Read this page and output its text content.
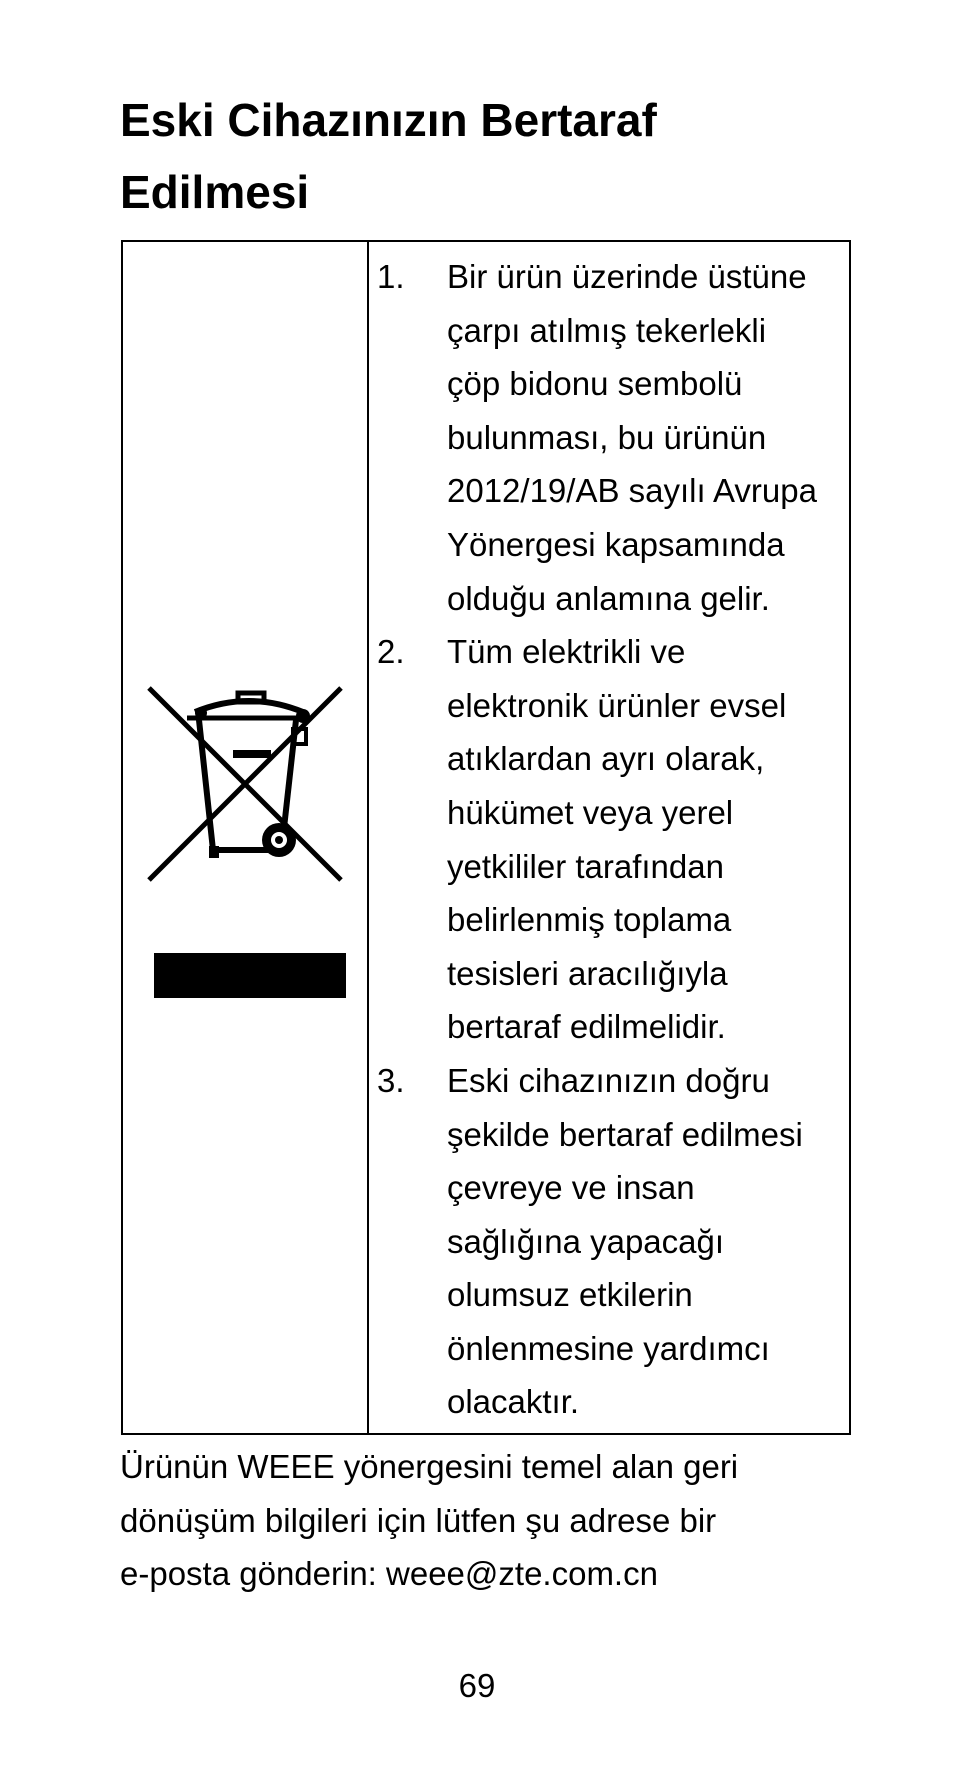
Eski Cihazınızın Bertaraf
Edilmesi
1.	Bir ürün üzerinde üstüne
çarpı atılmış tekerlekli
çöp bidonu sembolü
bulunması, bu ürünün
2012/19/AB sayılı Avrupa
Yönergesi kapsamında
olduğu anlamına gelir.
2.	Tüm elektrikli ve
elektronik ürünler evsel
atıklardan ayrı olarak,
hükümet veya yerel
yetkililer tarafından
belirlenmiş toplama
tesisleri aracılığıyla
bertaraf edilmelidir.
3.	Eski cihazınızın doğru
şekilde bertaraf edilmesi
çevreye ve insan
sağlığına yapacağı
olumsuz etkilerin
önlenmesine yardımcı
olacaktır.
Ürünün WEEE yönergesini temel alan geri
dönüşüm bilgileri için lütfen şu adrese bir
e-posta gönderin: weee@zte.com.cn
69
